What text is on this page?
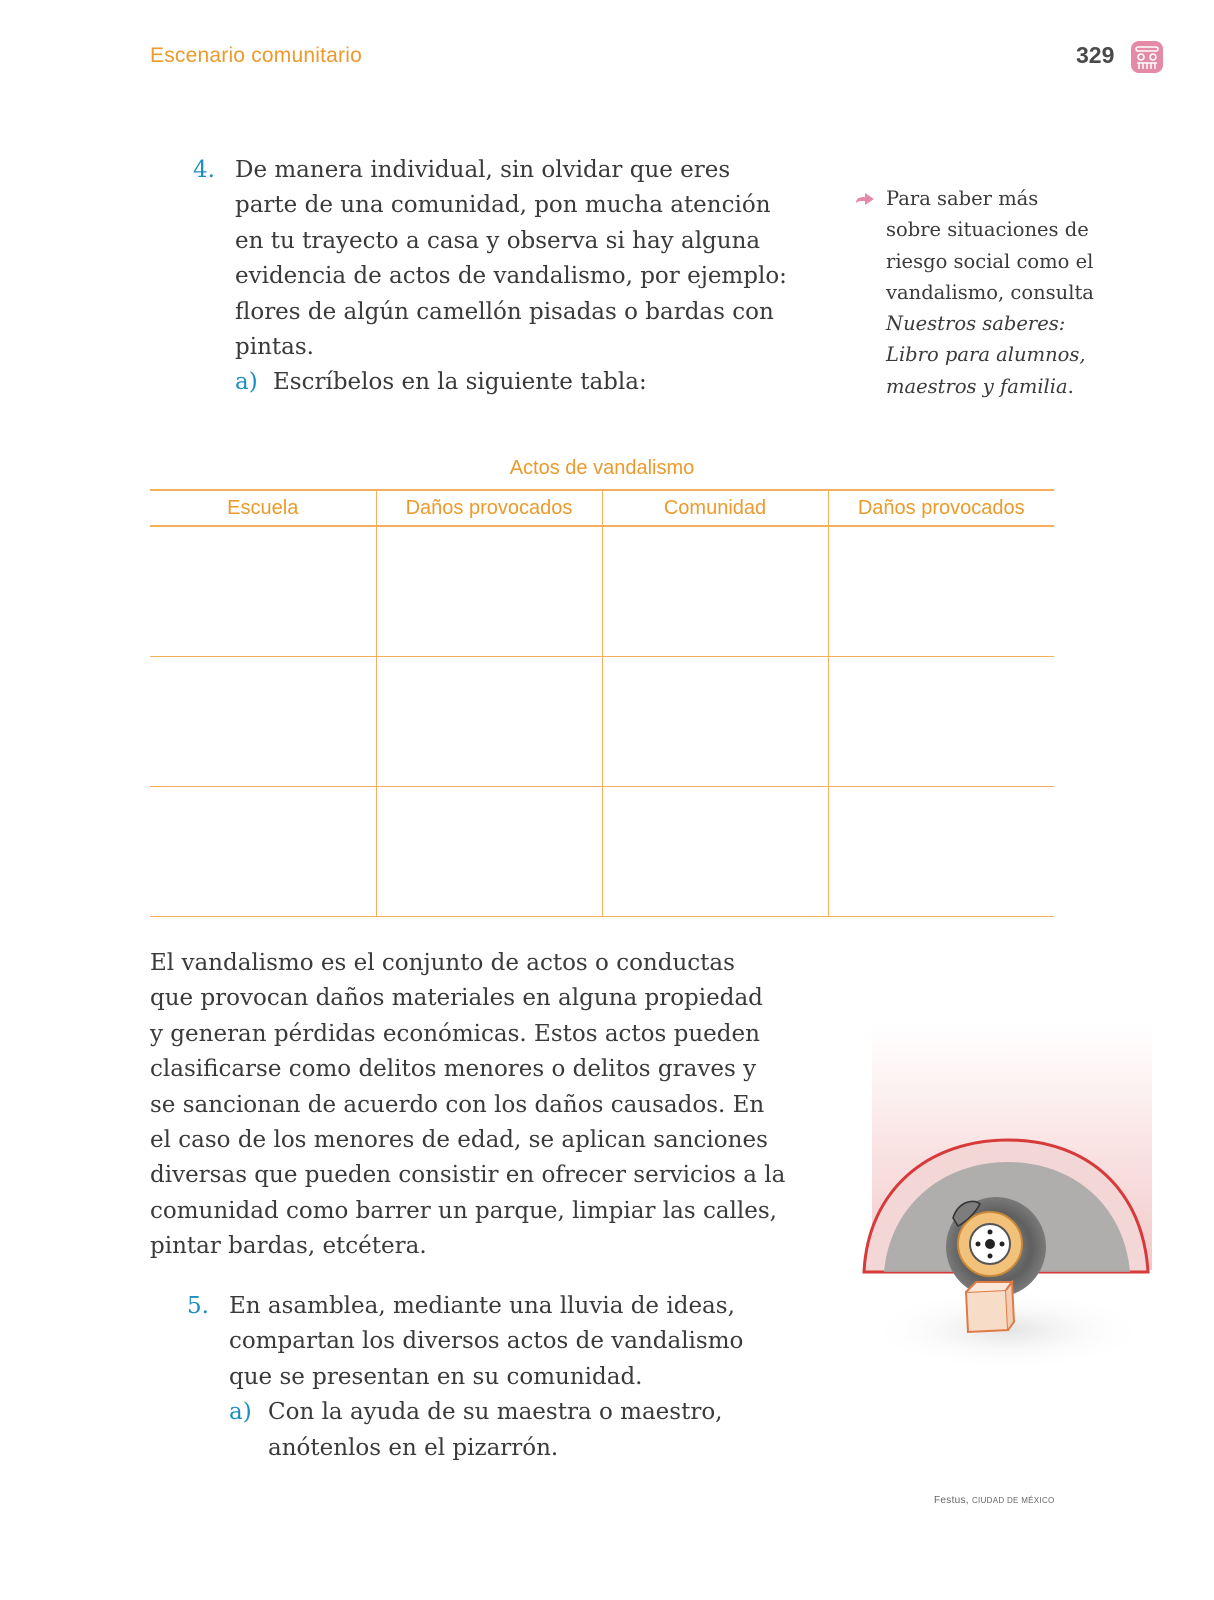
Escenario comunitario	329
4. De manera individual, sin olvidar que eres
parte de una comunidad, pon mucha atención
en tu trayecto a casa y observa si hay alguna
evidencia de actos de vandalismo, por ejemplo:
flores de algún camellón pisadas o bardas con
pintas.
a) Escríbelos en la siguiente tabla:
Para saber más
sobre situaciones de
riesgo social como el
vandalismo, consulta
Nuestros saberes:
Libro para alumnos,
maestros y familia.
Actos de vandalismo
Escuela	Daños provocados	Comunidad	Daños provocados

El vandalismo es el conjunto de actos o conductas
que provocan daños materiales en alguna propiedad
y generan pérdidas económicas. Estos actos pueden
clasificarse como delitos menores o delitos graves y
se sancionan de acuerdo con los daños causados. En
el caso de los menores de edad, se aplican sanciones
diversas que pueden consistir en ofrecer servicios a la
comunidad como barrer un parque, limpiar las calles,
pintar bardas, etcétera.
5. En asamblea, mediante una lluvia de ideas,
compartan los diversos actos de vandalismo
que se presentan en su comunidad.
a) Con la ayuda de su maestra o maestro,
anótenlos en el pizarrón.
Festus, CIUDAD DE MÉXICO
